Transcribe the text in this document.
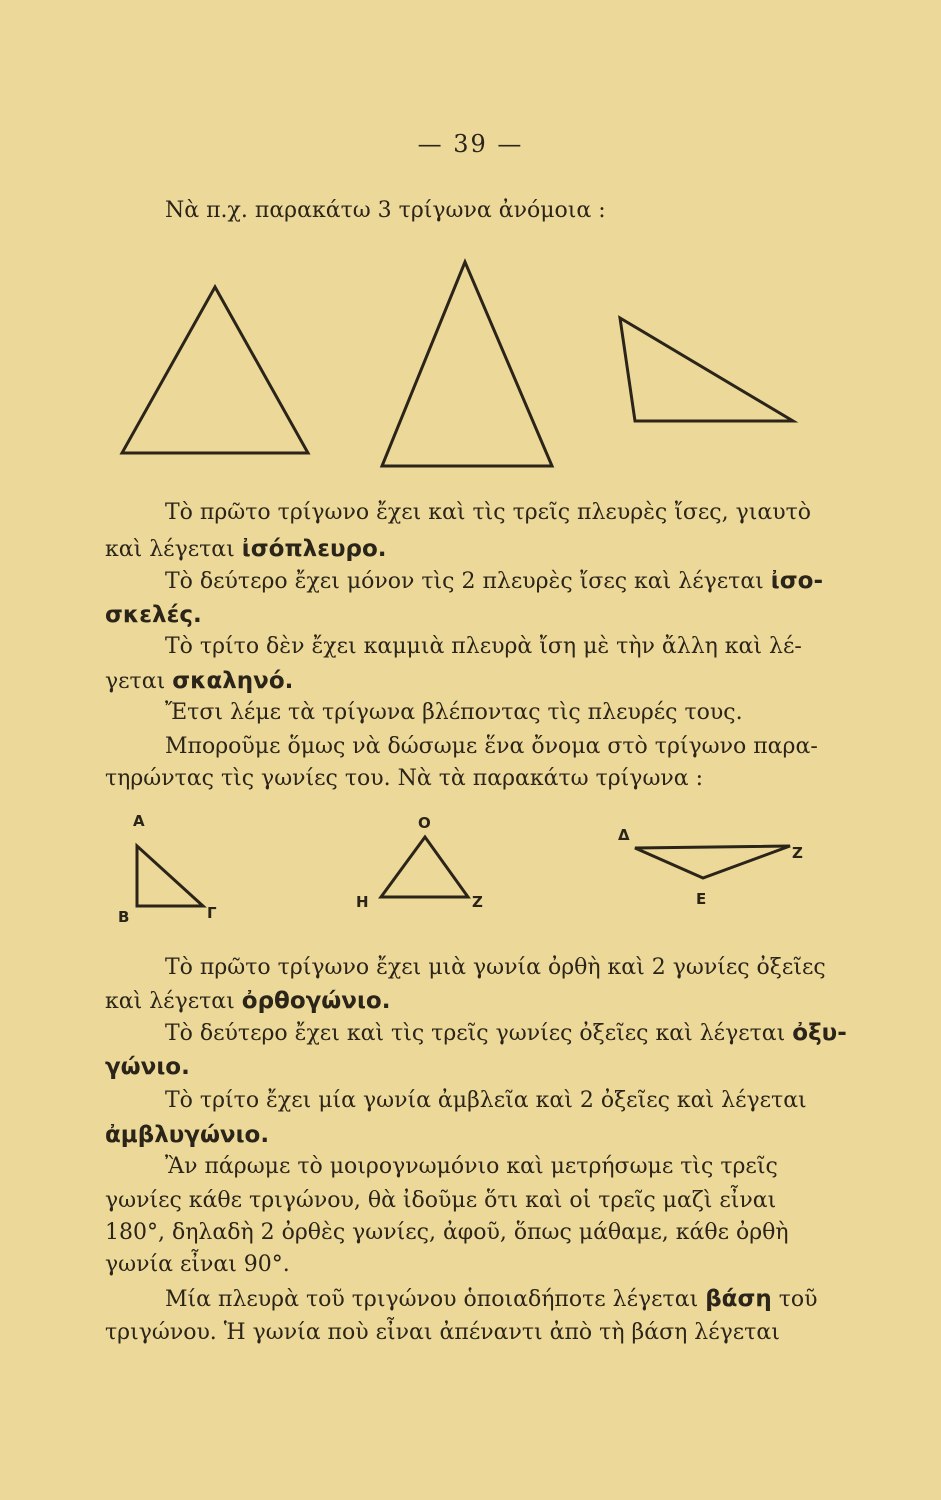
— 39 —
Νὰ π.χ. παρακάτω 3 τρίγωνα ἀνόμοια :
Α
Β	Γ
Ο
Η	Ζ
Δ
Ε
Ζ
Τὸ πρῶτο τρίγωνο ἔχει καὶ τὶς τρεῖς πλευρὲς ἴσες, γιαυτὸ
καὶ λέγεται ἰσόπλευρο.
Τὸ δεύτερο ἔχει μόνον τὶς 2 πλευρὲς ἴσες καὶ λέγεται ἰσο-
σκελές.
Τὸ τρίτο δὲν ἔχει καμμιὰ πλευρὰ ἴση μὲ τὴν ἄλλη καὶ λέ-
γεται σκαληνό.
Ἔτσι λέμε τὰ τρίγωνα βλέποντας τὶς πλευρές τους.
Μποροῦμε ὅμως νὰ δώσωμε ἕνα ὄνομα στὸ τρίγωνο παρα-
τηρώντας τὶς γωνίες του. Νὰ τὰ παρακάτω τρίγωνα :
Τὸ πρῶτο τρίγωνο ἔχει μιὰ γωνία ὀρθὴ καὶ 2 γωνίες ὀξεῖες
καὶ λέγεται ὀρθογώνιο.
Τὸ δεύτερο ἔχει καὶ τὶς τρεῖς γωνίες ὀξεῖες καὶ λέγεται ὀξυ-
γώνιο.
Τὸ τρίτο ἔχει μία γωνία ἀμβλεῖα καὶ 2 ὀξεῖες καὶ λέγεται
ἀμβλυγώνιο.
Ἂν πάρωμε τὸ μοιρογνωμόνιο καὶ μετρήσωμε τὶς τρεῖς
γωνίες κάθε τριγώνου, θὰ ἰδοῦμε ὅτι καὶ οἱ τρεῖς μαζὶ εἶναι
180°, δηλαδὴ 2 ὀρθὲς γωνίες, ἀφοῦ, ὅπως μάθαμε, κάθε ὀρθὴ
γωνία εἶναι 90°.
Μία πλευρὰ τοῦ τριγώνου ὁποιαδήποτε λέγεται βάση τοῦ
τριγώνου. Ἡ γωνία ποὺ εἶναι ἀπέναντι ἀπὸ τὴ βάση λέγεται
